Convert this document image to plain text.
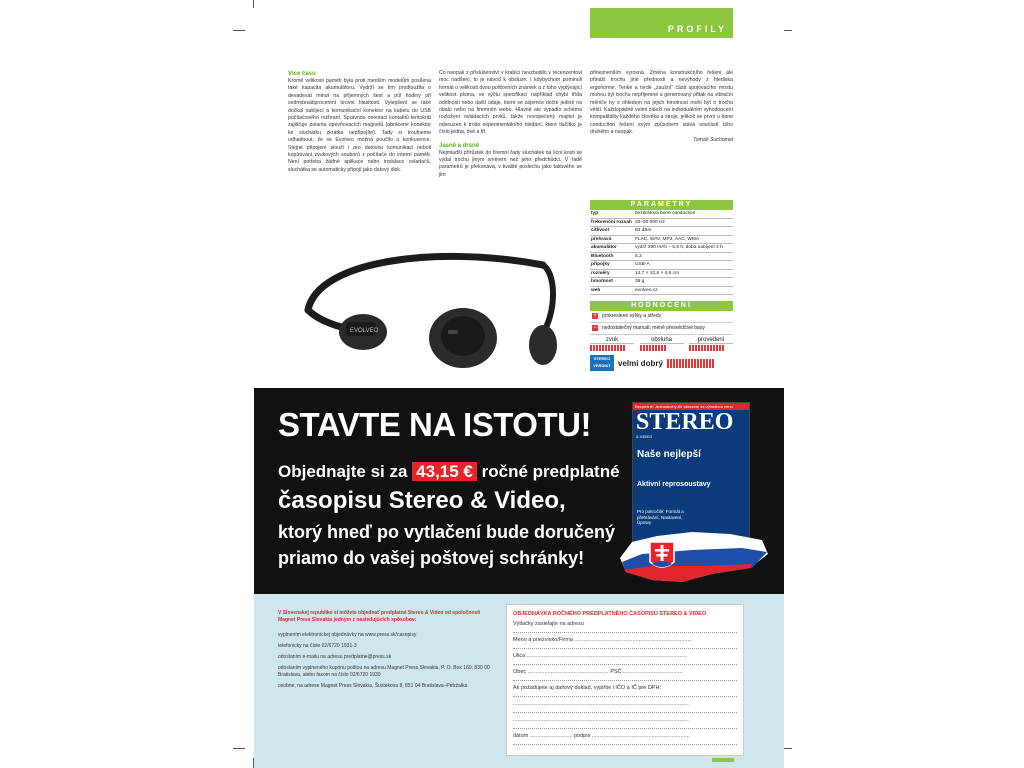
PROFILY
Více času

Kromě velikosti paměti byla proti menším modelům posílena také kapacita akumulátoru. Vydrží se tím prodloužila o devadesát minut na příjemných šest a půl hodiny při sedmdesátiprocentní úrovni hlasitosti. Vylepšení se také dočkal nabíjecí a komunikační konektor na kabelu do USB počítačového rozhraní. Správnou orientaci kontaktů tentokrát zajišťuje polarita upevňovacích magnetů (obrácené konektor ke sluchátku zkrátka nepřipojíte). Tady si troufneme odhadnout, že se Evolveo možná poučilo u konkurence. Stejné připojení slouží i pro datovou komunikaci neboli kopírování zvukových souborů z počítače do interní paměti. Není potřeba žádné aplikace nebo instalace ovladačů, sluchátka se automaticky připojí jako datový disk.

Co naopak z příslušenství v krabici nevzbudilo v recenzentovi moc nadšení, to je návod k obsluze. I kdybychom pominuli formát o velikosti dvou poštovních známek a z toho vyplývající velikost písma, ve výčtu specifikací například chybí třída odolnosti nebo další údaje, které se zájemce dočte jedině na obalu nebo na firemním webu. Hlavně ale vypadlo schéma rozložení ovládacích prvků, takže novopečený majitel je odsouzen k troše experimentálního hledání, které tlačítko je číslo jedna, dvě a tři.

Jasně a drsně

Nejmladší přírůstek do firemní řady sluchátek na lícní kosti se vydal trochu jiným směrem než jeho předchůdci. V řadě parametrů je překonává, v kvalitě poslechu jako takového se jim

přinejmenším vyrovná. Změna konstrukčního řešení ale přináší trochu jiné přednosti a nevýhody z hlediska ergonomie. Tenké a tvrdé „zaušní“ části spojovacího mostu mohou být trochu nepříjemné a generovaný pfttak na vibrační měniče by s ohledem na jejich hmotnost mohl být o trochu větší. Každopádně velmi záleží na individuálním vyhodnocení kompatibility každého člověka a stroje, jelikož se první u bone conduction řešení svým způsobem stává součástí toho druhého a naopak.

Tomáš Suchomel

EVOLVEO
PARAMETRY
typ	bezdrátová bone conduction
frekvenční rozsah	20–20 000 Hz
citlivost	84 dBm
přehrává	FLAC, WAV, MP3, AAC, WMA
akumulátor	výdrž 390 mAh – 6,5 h; doba nabíjení 2 h
Bluetooth	5.3
připojky	USB-A
rozměry	14,7 × 10,6 × 4,6 cm
hmotnost	39 g
web	evolveo.cz
HODNOCENÍ
+ prokreslené výšky a středy
− nedostatečný manuál; méně přesvědčivé basy
zvuk	obsluha	provedení
STEREO VERDIKT velmi dobrý
STAVTE NA ISTOTU!
Objednajte si za 43,15 € ročné predplatné
časopisu Stereo & Video,
ktorý hneď po vytlačení bude doručený
priamo do vašej poštovej schránky!
Bezpečně: Jednoduchý AV obrazem za výhodnou cenu
STEREO
& VIDEO
Naše nejlepší
Aktivní reprosoustavy
Pro pokročilé: Formát a přehrávání, Nastavení, Úpravy
V Slovenskej republike si môžete objednať predplatné Stereo & Video od spoločnosti Magnet Press Slovakia jedným z nasledujúcich spôsobov:

vyplnením elektronickej objednávky na www.press.sk/casopisy

telefonicky na čísle 02/6720 1931-3

odoslaním e-mailu na adresu predplatne@press.sk

odoslaním vyplneného kupónu poštou na adresu Magnet Press Slovakia, P. O. Box 169, 830 00 Bratislava, alebo faxom na číslo 02/6720 1930

osobne, na adrese Magnet Press Slovakia, Šustekova 8, 851 04 Bratislava–Petržalka

OBJEDNÁVKA ROČNÉHO PREDPLATNÉHO ČASOPISU STEREO & VIDEO
Výtlačky zasielajte na adresu
Meno a priezvisko/Firma .............................................................................
Ulica .........................................................................................................
Obec ..................................................... PSČ .......................................
Ak požadujete aj daňový doklad, vyplňte i IČO a IČ pre DPH:
...................................................................................................................
...................................................................................................................
dátum ............................ podpis ................................................................
